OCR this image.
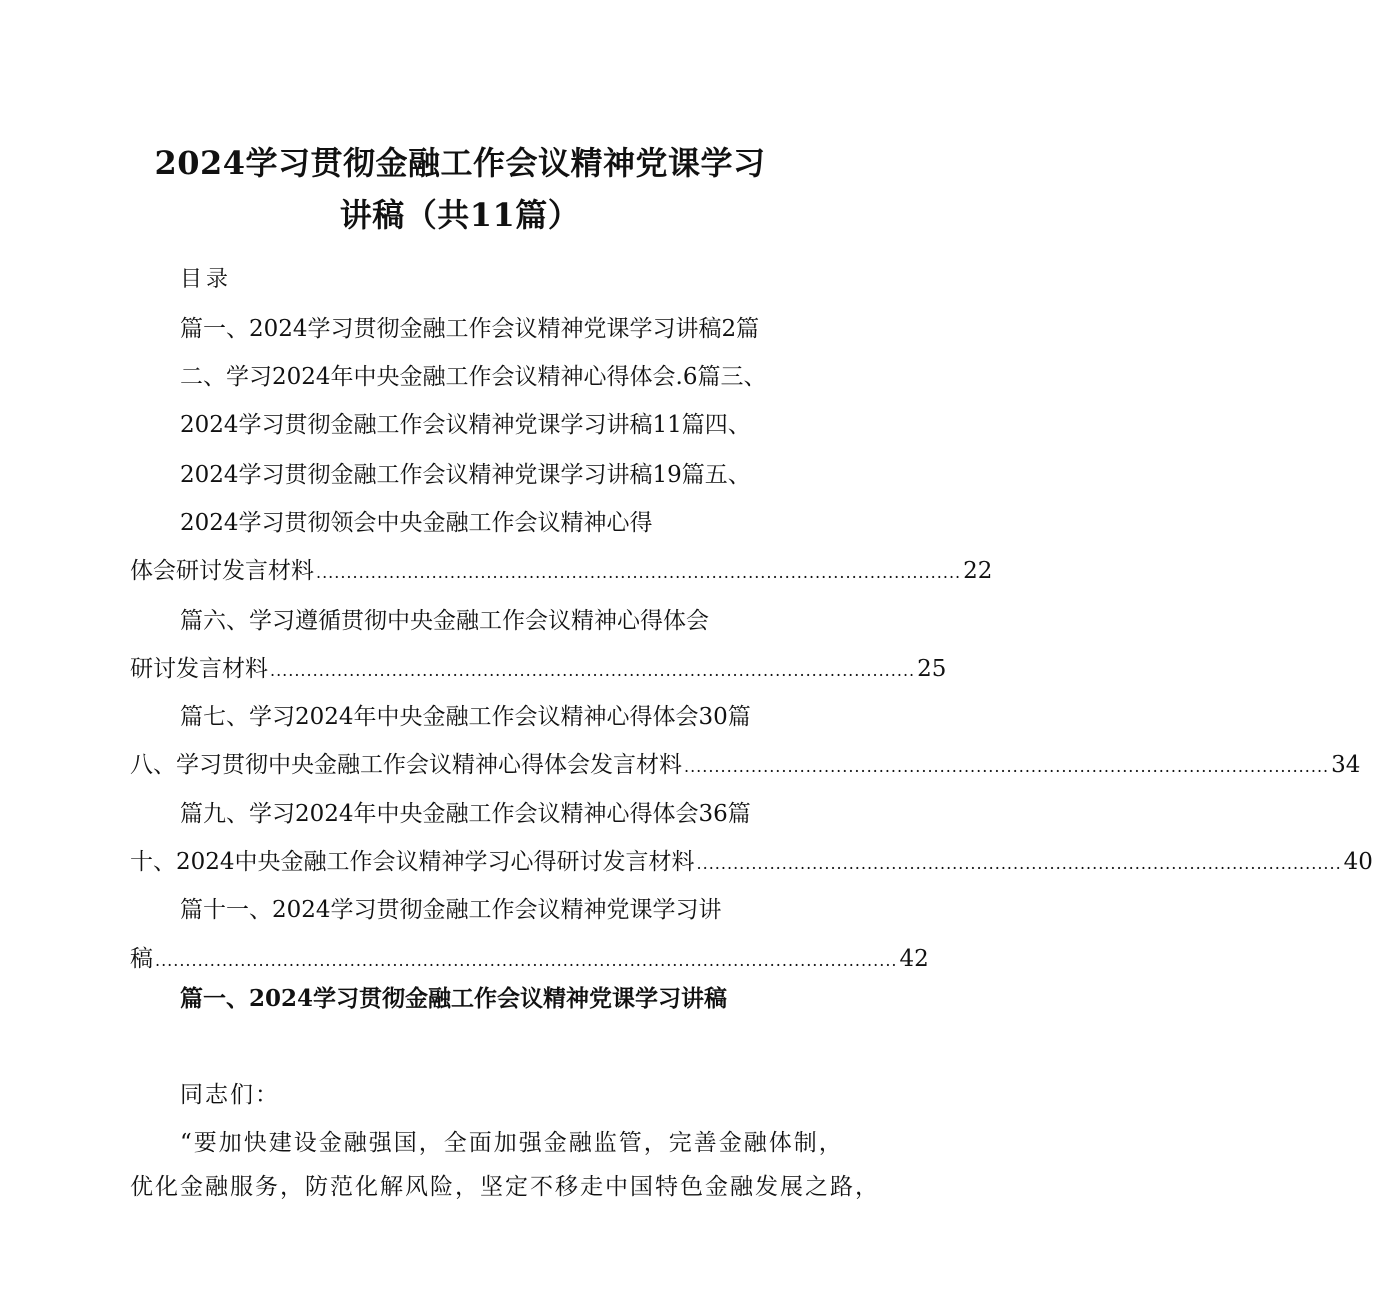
2024学习贯彻金融工作会议精神党课学习
讲稿（共11篇）
目录
篇一、2024学习贯彻金融工作会议精神党课学习讲稿2篇
二、学习2024年中央金融工作会议精神心得体会.6篇三、
2024学习贯彻金融工作会议精神党课学习讲稿11篇四、
2024学习贯彻金融工作会议精神党课学习讲稿19篇五、
2024学习贯彻领会中央金融工作会议精神心得
体会研讨发言材料 .......................................................................................................... 22
篇六、学习遵循贯彻中央金融工作会议精神心得体会
研讨发言材料 .......................................................................................................... 25
篇七、学习2024年中央金融工作会议精神心得体会30篇
八、学习贯彻中央金融工作会议精神心得体会发言材料 .......................................................................................................... 34
篇九、学习2024年中央金融工作会议精神心得体会36篇
十、2024中央金融工作会议精神学习心得研讨发言材料 .......................................................................................................... 40
篇十一、2024学习贯彻金融工作会议精神党课学习讲
稿 .......................................................................................................................... 42
篇一、2024学习贯彻金融工作会议精神党课学习讲稿
同志们：
“要加快建设金融强国，全面加强金融监管，完善金融体制，
优化金融服务，防范化解风险，坚定不移走中国特色金融发展之路，
